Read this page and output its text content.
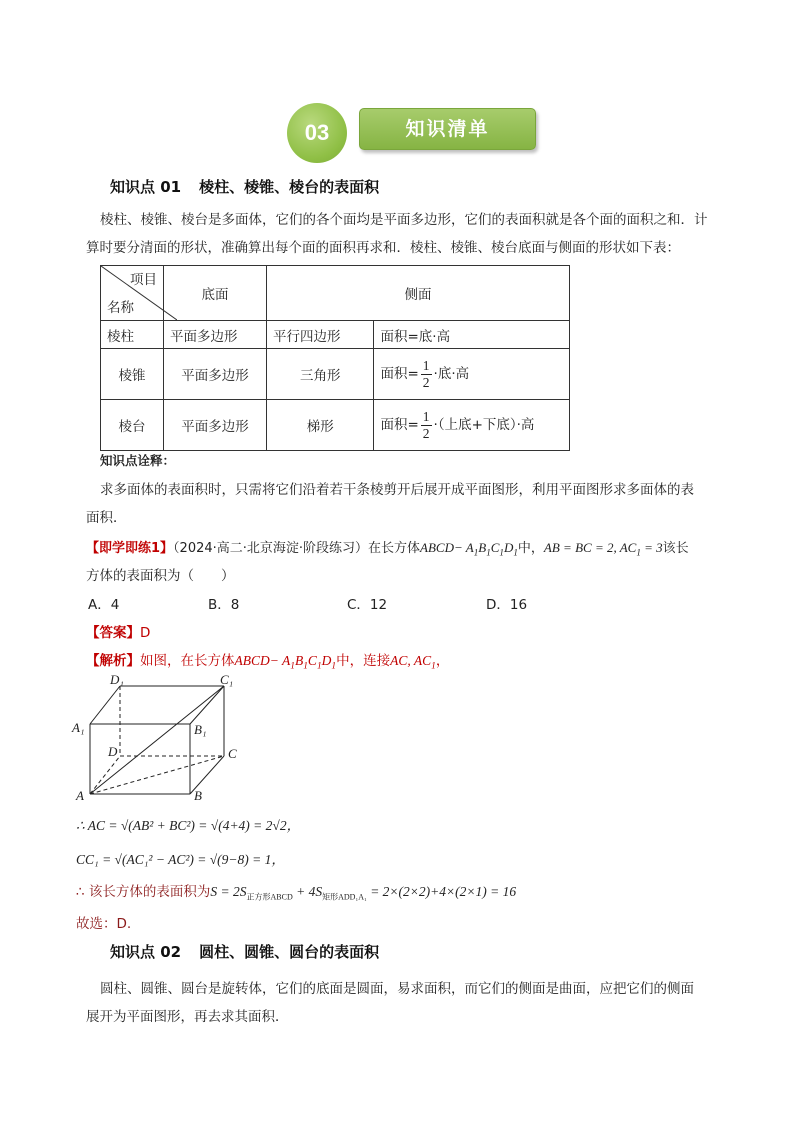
03	知识清单
知识点 01 棱柱、棱锥、棱台的表面积
棱柱、棱锥、棱台是多面体，它们的各个面均是平面多边形，它们的表面积就是各个面的面积之和．计
算时要分清面的形状，准确算出每个面的面积再求和．棱柱、棱锥、棱台底面与侧面的形状如下表：
项目
名称	底面	侧面	
棱柱	平面多边形	平行四边形	面积=底·高
棱锥	平面多边形	三角形	面积= $\frac{1}{2}$ ·底·高
棱台	平面多边形	梯形	面积= $\frac{1}{2}$ ·（上底+下底）·高
知识点诠释：
求多面体的表面积时，只需将它们沿着若干条棱剪开后展开成平面图形，利用平面图形求多面体的表
面积．
【即学即练1】（2024·高二·北京海淀·阶段练习）在长方体ABCD− $A_1B_1C_1D_1$中，AB = BC = 2, $AC_1 = 3$该长
方体的表面积为（　　）
A．4	B．8	C．12	D．16
【答案】D
【解析】如图，在长方体ABCD− $A_1B_1C_1D_1$中，连接AC, $AC_1$，
D₁	C₁
A₁	B₁
D	C
A	B
∴ AC = √(AB² + BC²) = √(4+4) = 2√2，
CC₁ = √(AC₁² − AC²) = √(9−8) = 1，
∴ 该长方体的表面积为$S = 2S_{正方形ABCD} + 4S_{矩形ADD_1A_1} = 2\times(2\times 2)+4\times(2\times 1) = 16$
故选：D.
知识点 02 圆柱、圆锥、圆台的表面积
圆柱、圆锥、圆台是旋转体，它们的底面是圆面，易求面积，而它们的侧面是曲面，应把它们的侧面
展开为平面图形，再去求其面积．
